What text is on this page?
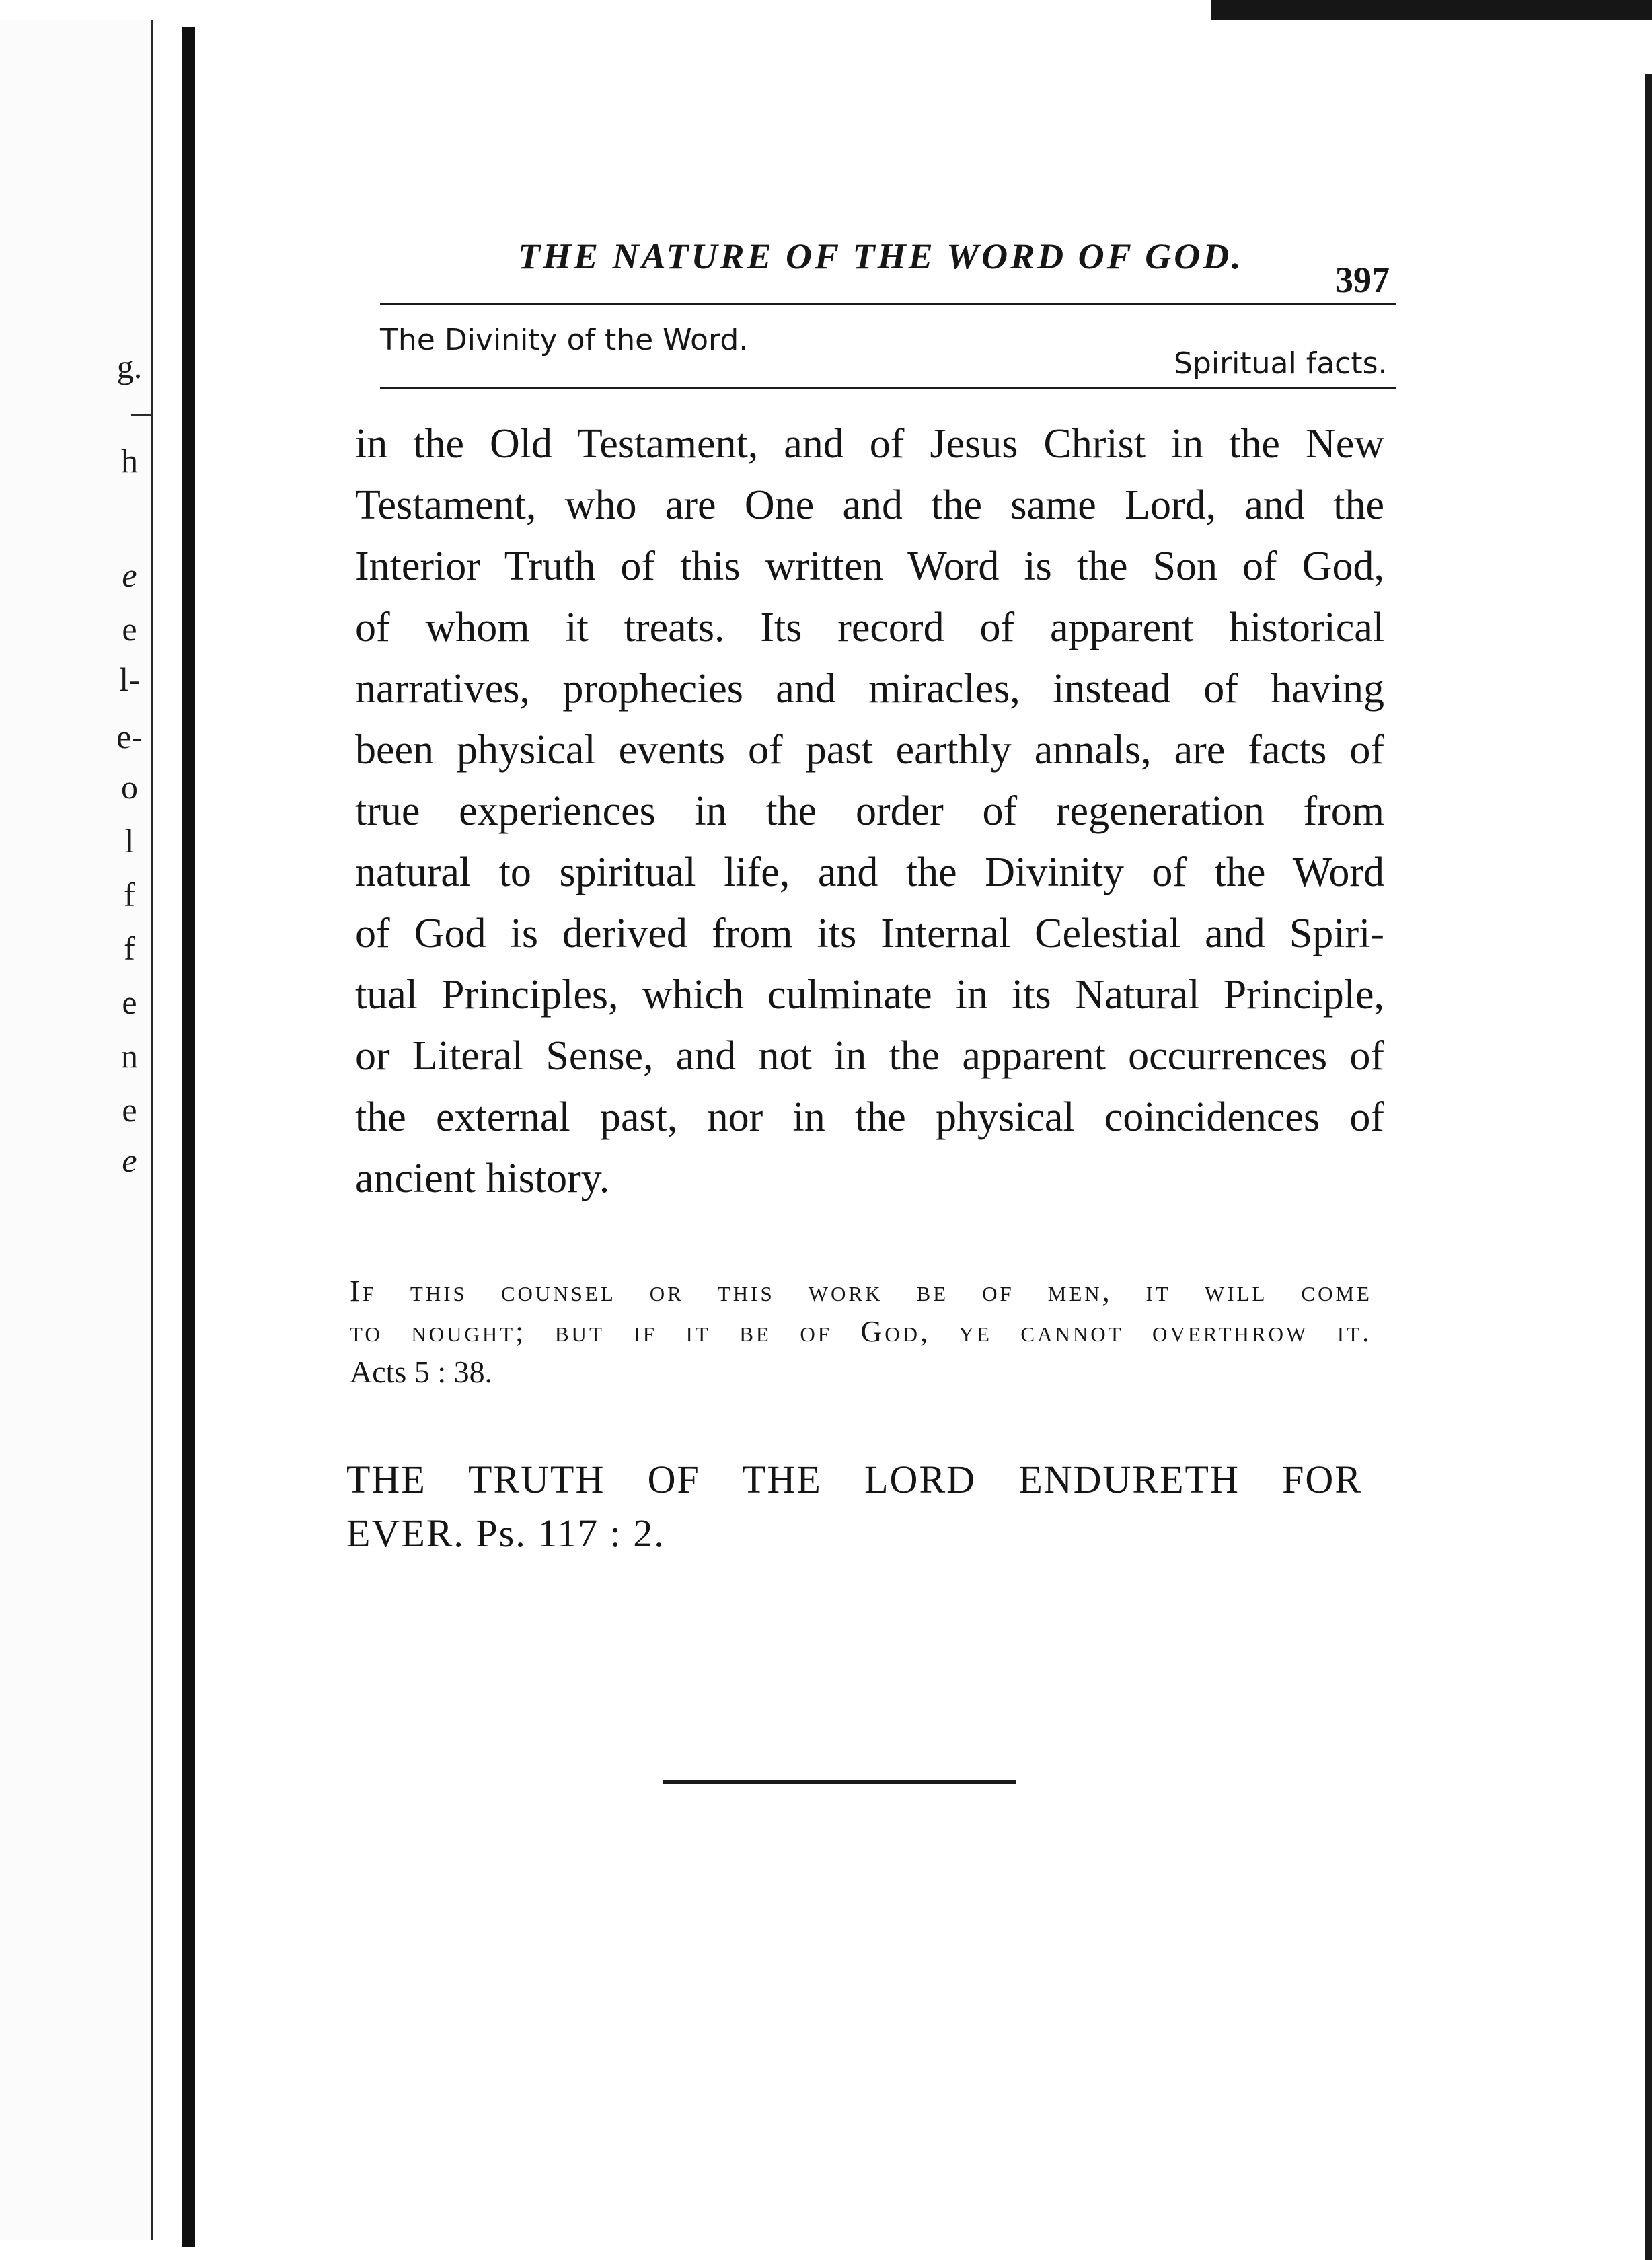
g.
h
e
e
l-
e-
o
l
f
f
e
n
e
e
THE NATURE OF THE WORD OF GOD.
397
The Divinity of the Word.
Spiritual facts.
in the Old Testament, and of Jesus Christ in the New
Testament, who are One and the same Lord, and the
Interior Truth of this written Word is the Son of God,
of whom it treats. Its record of apparent historical
narratives, prophecies and miracles, instead of having
been physical events of past earthly annals, are facts of
true experiences in the order of regeneration from
natural to spiritual life, and the Divinity of the Word
of God is derived from its Internal Celestial and Spiri-
tual Principles, which culminate in its Natural Principle,
or Literal Sense, and not in the apparent occurrences of
the external past, nor in the physical coincidences of
ancient history.
If this counsel or this work be of men, it will come
to nought; but if it be of God, ye cannot overthrow it.
Acts 5 : 38.
THE TRUTH OF THE LORD ENDURETH FOR
EVER. Ps. 117 : 2.
